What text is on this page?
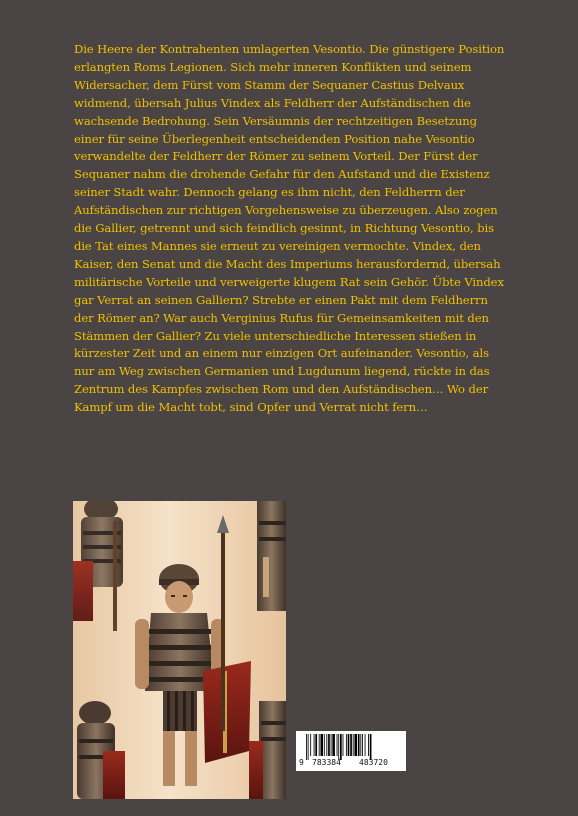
Die Heere der Kontrahenten umlagerten Vesontio. Die günstigere Position erlangten Roms Legionen. Sich mehr inneren Konflikten und seinem Widersacher, dem Fürst vom Stamm der Sequaner Castius Delvaux widmend, übersah Julius Vindex als Feldherr der Aufständischen die wachsende Bedrohung. Sein Versäumnis der rechtzeitigen Besetzung einer für seine Überlegenheit entscheidenden Position nahe Vesontio verwandelte der Feldherr der Römer zu seinem Vorteil. Der Fürst der Sequaner nahm die drohende Gefahr für den Aufstand und die Existenz seiner Stadt wahr. Dennoch gelang es ihm nicht, den Feldherrn der Aufständischen zur richtigen Vorgehensweise zu überzeugen. Also zogen die Gallier, getrennt und sich feindlich gesinnt, in Richtung Vesontio, bis die Tat eines Mannes sie erneut zu vereinigen vermochte. Vindex, den Kaiser, den Senat und die Macht des Imperiums herausfordernd, übersah militärische Vorteile und verweigerte klugem Rat sein Gehör. Übte Vindex gar Verrat an seinen Galliern? Strebte er einen Pakt mit dem Feldherrn der Römer an? War auch Verginius Rufus für Gemeinsamkeiten mit den Stämmen der Gallier? Zu viele unterschiedliche Interessen stießen in kürzester Zeit und an einem nur einzigen Ort aufeinander. Vesontio, als nur am Weg zwischen Germanien und Lugdunum liegend, rückte in das Zentrum des Kampfes zwischen Rom und den Aufständischen… Wo der Kampf um die Macht tobt, sind Opfer und Verrat nicht fern…

9 783384 483720
